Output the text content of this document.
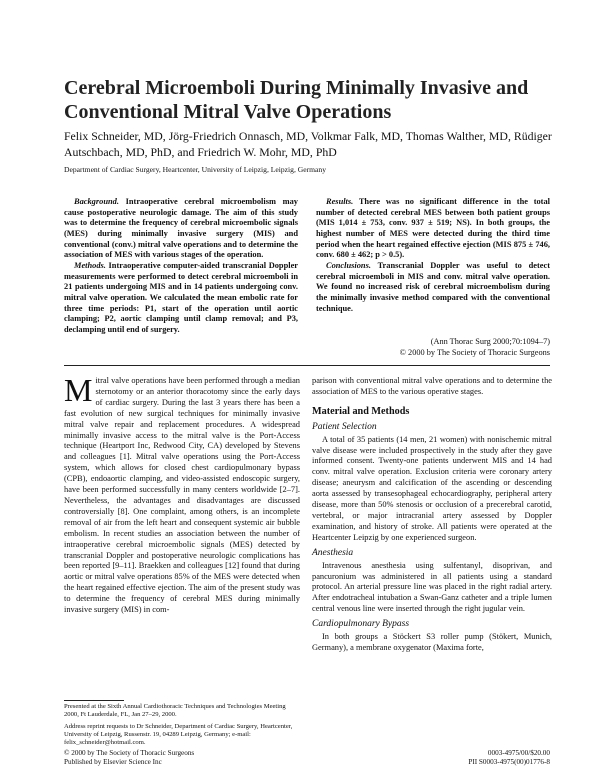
Cerebral Microemboli During Minimally Invasive and Conventional Mitral Valve Operations
Felix Schneider, MD, Jörg-Friedrich Onnasch, MD, Volkmar Falk, MD, Thomas Walther, MD, Rüdiger Autschbach, MD, PhD, and Friedrich W. Mohr, MD, PhD
Department of Cardiac Surgery, Heartcenter, University of Leipzig, Leipzig, Germany

Background. Intraoperative cerebral microembolism may cause postoperative neurologic damage. The aim of this study was to determine the frequency of cerebral microembolic signals (MES) during minimally invasive surgery (MIS) and conventional (conv.) mitral valve operations and to determine the association of MES with various stages of the operation.

Methods. Intraoperative computer-aided transcranial Doppler measurements were performed to detect cerebral microemboli in 21 patients undergoing MIS and in 14 patients undergoing conv. mitral valve operation. We calculated the mean embolic rate for three time periods: P1, start of the operation until aortic clamping; P2, aortic clamping until clamp removal; and P3, declamping until end of surgery.

Results. There was no significant difference in the total number of detected cerebral MES between both patient groups (MIS 1,014 ± 753, conv. 937 ± 519; NS). In both groups, the highest number of MES were detected during the third time period when the heart regained effective ejection (MIS 875 ± 746, conv. 680 ± 462; p > 0.5).

Conclusions. Transcranial Doppler was useful to detect cerebral microemboli in MIS and conv. mitral valve operation. We found no increased risk of cerebral microembolism during the minimally invasive method compared with the conventional technique.

(Ann Thorac Surg 2000;70:1094–7)
© 2000 by The Society of Thoracic Surgeons

Mitral valve operations have been performed through a median sternotomy or an anterior thoracotomy since the early days of cardiac surgery. During the last 3 years there has been a fast evolution of new surgical techniques for minimally invasive mitral valve repair and replacement procedures. A widespread minimally invasive access to the mitral valve is the Port-Access technique (Heartport Inc, Redwood City, CA) developed by Stevens and colleagues [1]. Mitral valve operations using the Port-Access system, which allows for closed chest cardiopulmonary bypass (CPB), endoaortic clamping, and video-assisted endoscopic surgery, have been performed successfully in many centers worldwide [2–7]. Nevertheless, the advantages and disadvantages are discussed controversially [8]. One complaint, among others, is an incomplete removal of air from the left heart and consequent systemic air bubble embolism. In recent studies an association between the number of intraoperative cerebral microembolic signals (MES) detected by transcranial Doppler and postoperative neurologic complications has been reported [9–11]. Braekken and colleagues [12] found that during aortic or mitral valve operations 85% of the MES were detected when the heart regained effective ejection. The aim of the present study was to determine the frequency of cerebral MES during minimally invasive surgery (MIS) in com-

parison with conventional mitral valve operations and to determine the association of MES to the various operative stages.

Material and Methods
Patient Selection

A total of 35 patients (14 men, 21 women) with nonischemic mitral valve disease were included prospectively in the study after they gave informed consent. Twenty-one patients underwent MIS and 14 had conv. mitral valve operation. Exclusion criteria were coronary artery disease; aneurysm and calcification of the ascending or descending aorta assessed by transesophageal echocardiography, peripheral artery disease, more than 50% stenosis or occlusion of a precerebral carotid, vertebral, or major intracranial artery assessed by Doppler examination, and history of stroke. All patients were operated at the Heartcenter Leipzig by one experienced surgeon.

Anesthesia

Intravenous anesthesia using sulfentanyl, disoprivan, and pancuronium was administered in all patients using a standard protocol. An arterial pressure line was placed in the right radial artery. After endotracheal intubation a Swan-Ganz catheter and a triple lumen central venous line were inserted through the right jugular vein.

Cardiopulmonary Bypass

In both groups a Stöckert S3 roller pump (Stökert, Munich, Germany), a membrane oxygenator (Maxima forte,

Presented at the Sixth Annual Cardiothoracic Techniques and Technologies Meeting 2000, Ft Lauderdale, FL, Jan 27–29, 2000.

Address reprint requests to Dr Schneider, Department of Cardiac Surgery, Heartcenter, University of Leipzig, Russenstr. 19, 04289 Leipzig, Germany; e-mail: felix_schneider@hotmail.com.

© 2000 by The Society of Thoracic Surgeons
Published by Elsevier Science Inc
0003-4975/00/$20.00
PII S0003-4975(00)01776-8
